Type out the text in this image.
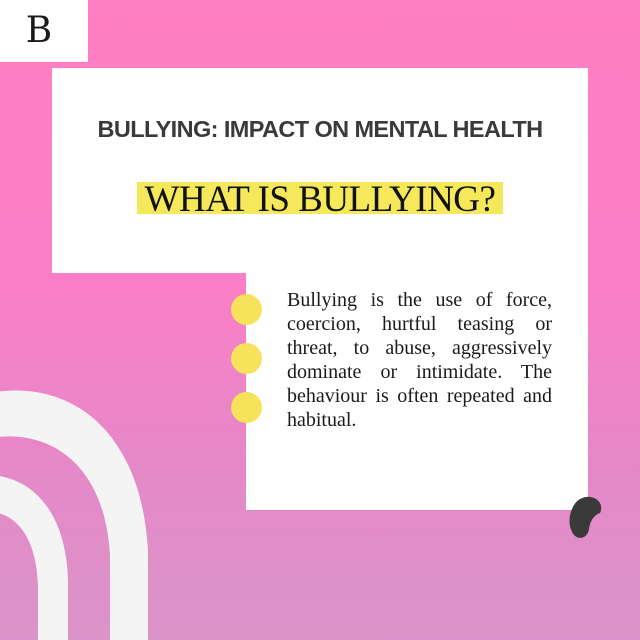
B
BULLYING: IMPACT ON MENTAL HEALTH
WHAT IS BULLYING?
Bullying is the use of force, coercion, hurtful teasing or threat, to abuse, aggressively dominate or intimidate. The behaviour is often repeated and habitual.
